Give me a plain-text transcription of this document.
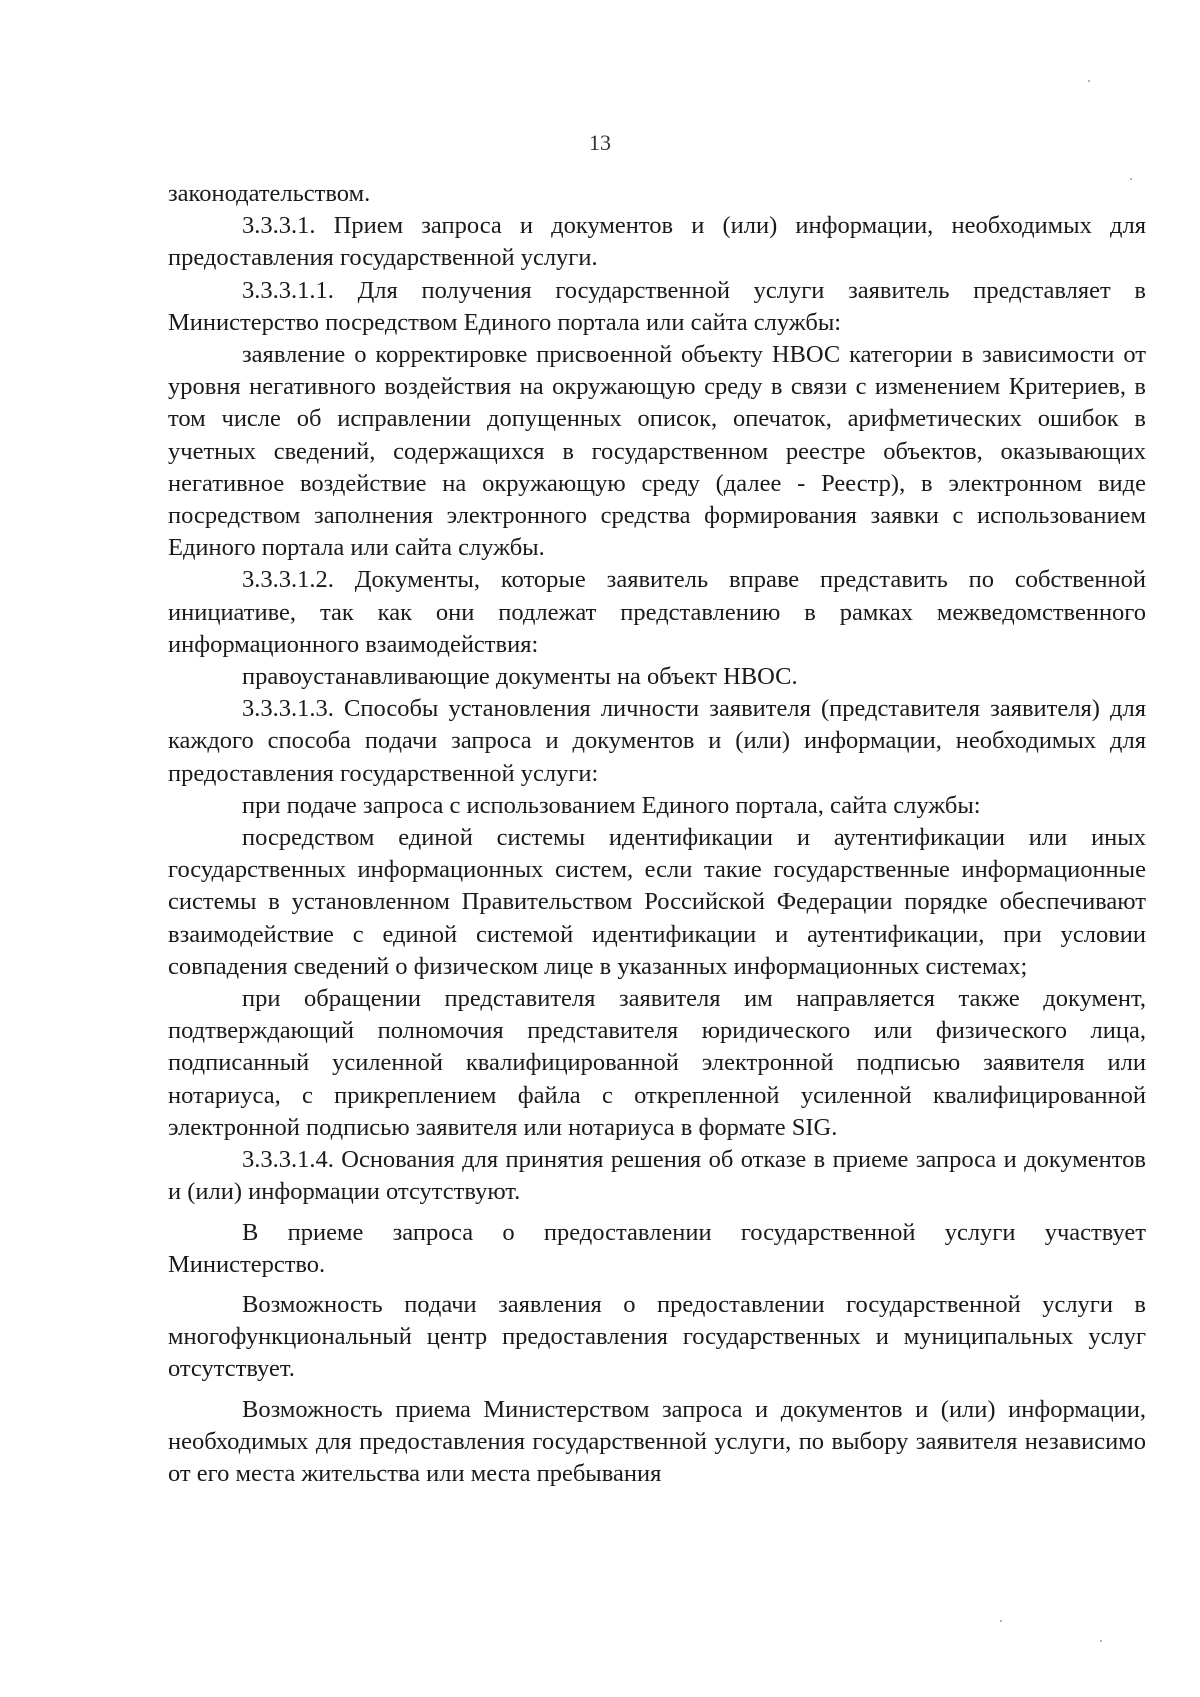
13

законодательством.

3.3.3.1. Прием запроса и документов и (или) информации, необходимых для предоставления государственной услуги.

3.3.3.1.1. Для получения государственной услуги заявитель представляет в Министерство посредством Единого портала или сайта службы:

заявление о корректировке присвоенной объекту НВОС категории в зависимости от уровня негативного воздействия на окружающую среду в связи с изменением Критериев, в том числе об исправлении допущенных описок, опечаток, арифметических ошибок в учетных сведений, содержащихся в государственном реестре объектов, оказывающих негативное воздействие на окружающую среду (далее - Реестр), в электронном виде посредством заполнения электронного средства формирования заявки с использованием Единого портала или сайта службы.

3.3.3.1.2. Документы, которые заявитель вправе представить по собственной инициативе, так как они подлежат представлению в рамках межведомственного информационного взаимодействия:

правоустанавливающие документы на объект НВОС.

3.3.3.1.3. Способы установления личности заявителя (представителя заявителя) для каждого способа подачи запроса и документов и (или) информации, необходимых для предоставления государственной услуги:

при подаче запроса с использованием Единого портала, сайта службы:

посредством единой системы идентификации и аутентификации или иных государственных информационных систем, если такие государственные информационные системы в установленном Правительством Российской Федерации порядке обеспечивают взаимодействие с единой системой идентификации и аутентификации, при условии совпадения сведений о физическом лице в указанных информационных системах;

при обращении представителя заявителя им направляется также документ, подтверждающий полномочия представителя юридического или физического лица, подписанный усиленной квалифицированной электронной подписью заявителя или нотариуса, с прикреплением файла с открепленной усиленной квалифицированной электронной подписью заявителя или нотариуса в формате SIG.

3.3.3.1.4. Основания для принятия решения об отказе в приеме запроса и документов и (или) информации отсутствуют.

В приеме запроса о предоставлении государственной услуги участвует Министерство.

Возможность подачи заявления о предоставлении государственной услуги в многофункциональный центр предоставления государственных и муниципальных услуг отсутствует.

Возможность приема Министерством запроса и документов и (или) информации, необходимых для предоставления государственной услуги, по выбору заявителя независимо от его места жительства или места пребывания
